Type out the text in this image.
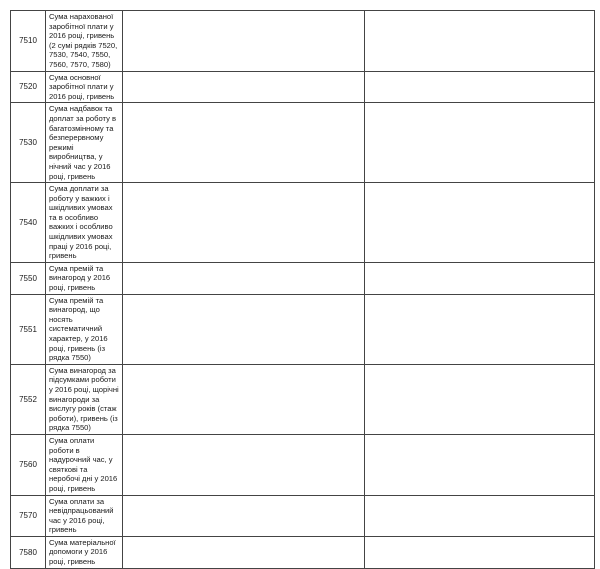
7510	Сума нарахованої заробітної плати у 2016 році, гривень (2 сумі рядків 7520, 7530, 7540, 7550, 7560, 7570, 7580)		
7520	Сума основної заробітної плати у 2016 році, гривень		
7530	Сума надбавок та доплат за роботу в багатозмінному та безперервному режимі виробництва, у нічний час у 2016 році, гривень		
7540	Сума доплати за роботу у важких і шкідливих умовах та в особливо важких і особливо шкідливих умовах праці у 2016 році, гривень		
7550	Сума премій та винагород у 2016 році, гривень		
7551	Сума премій та винагород, що носять систематичний характер, у 2016 році, гривень (із рядка 7550)		
7552	Сума винагород за підсумками роботи у 2016 році, щорічні винагороди за вислугу років (стаж роботи), гривень (із рядка 7550)		
7560	Сума оплати роботи в надурочний час, у святкові та неробочі дні у 2016 році, гривень		
7570	Сума оплати за невідпрацьований час у 2016 році, гривень		
7580	Сума матеріальної допомоги у 2016 році, гривень		
